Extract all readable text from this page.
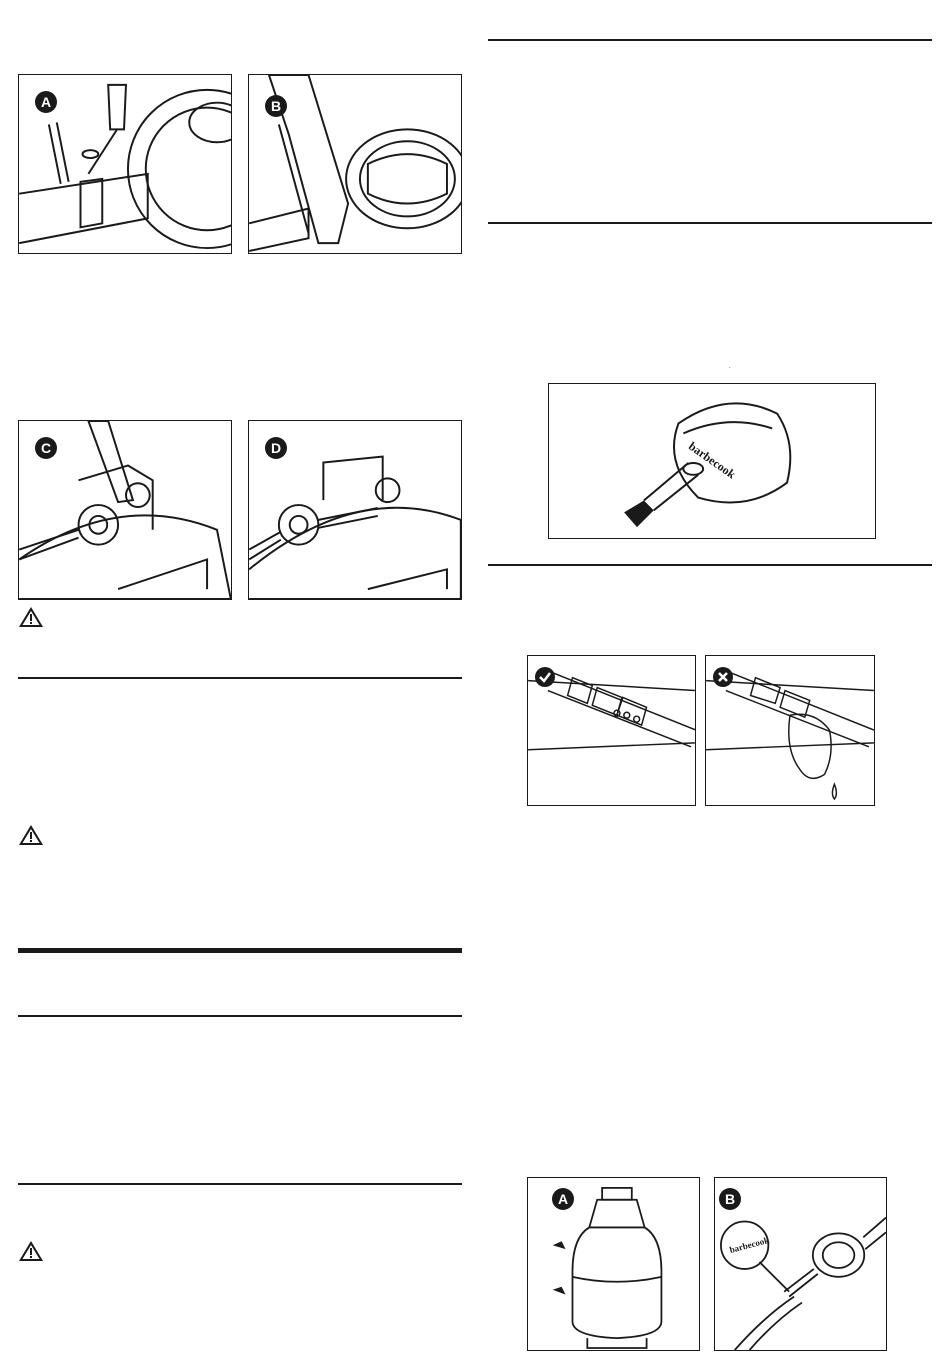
A	B
C	D
.
barbecook
A
barbecook
B
